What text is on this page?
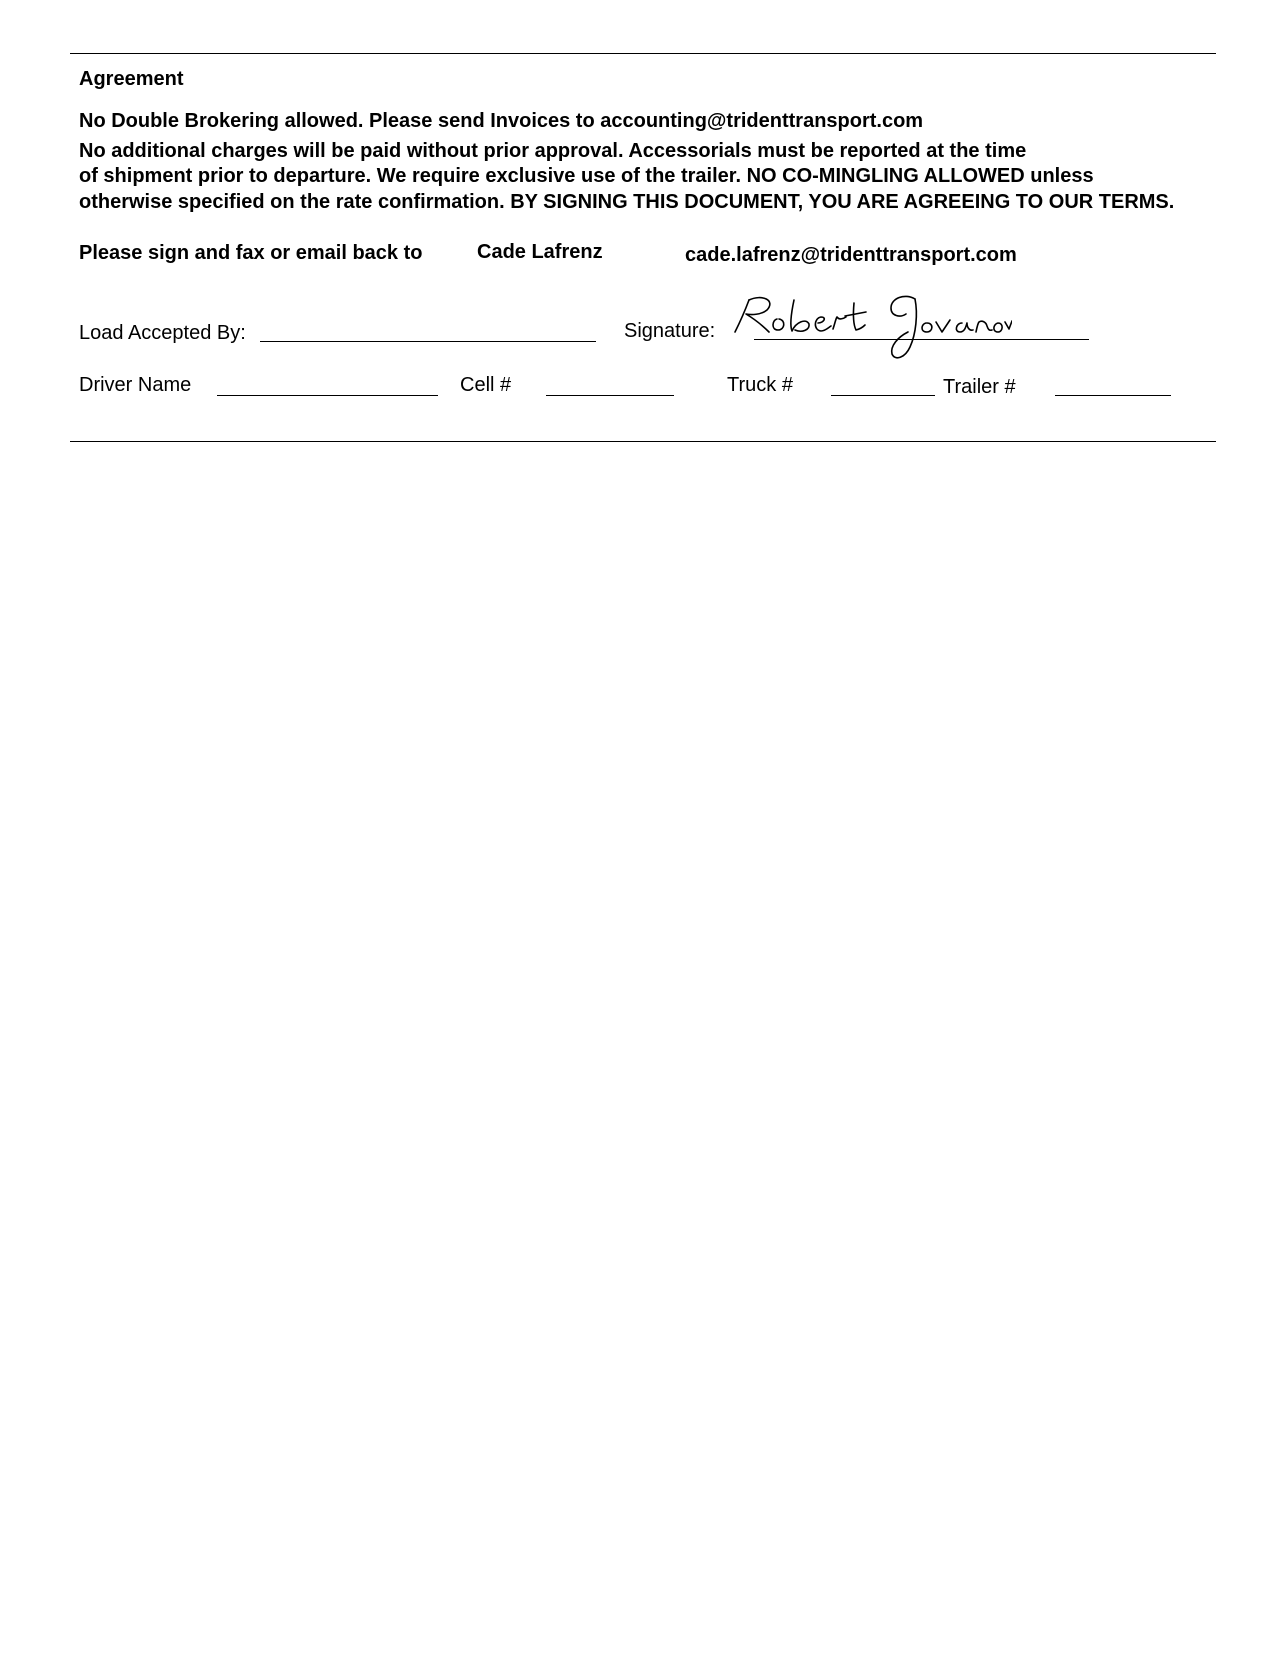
Agreement
No Double Brokering allowed. Please send Invoices to accounting@tridenttransport.com
No additional charges will be paid without prior approval. Accessorials must be reported at the time
of shipment prior to departure. We require exclusive use of the trailer. NO CO-MINGLING ALLOWED unless
otherwise specified on the rate confirmation. BY SIGNING THIS DOCUMENT, YOU ARE AGREEING TO OUR TERMS.
Please sign and fax or email back to	Cade Lafrenz	cade.lafrenz@tridenttransport.com
Load Accepted By:	Signature:
Driver Name	Cell #	Truck #	Trailer #
